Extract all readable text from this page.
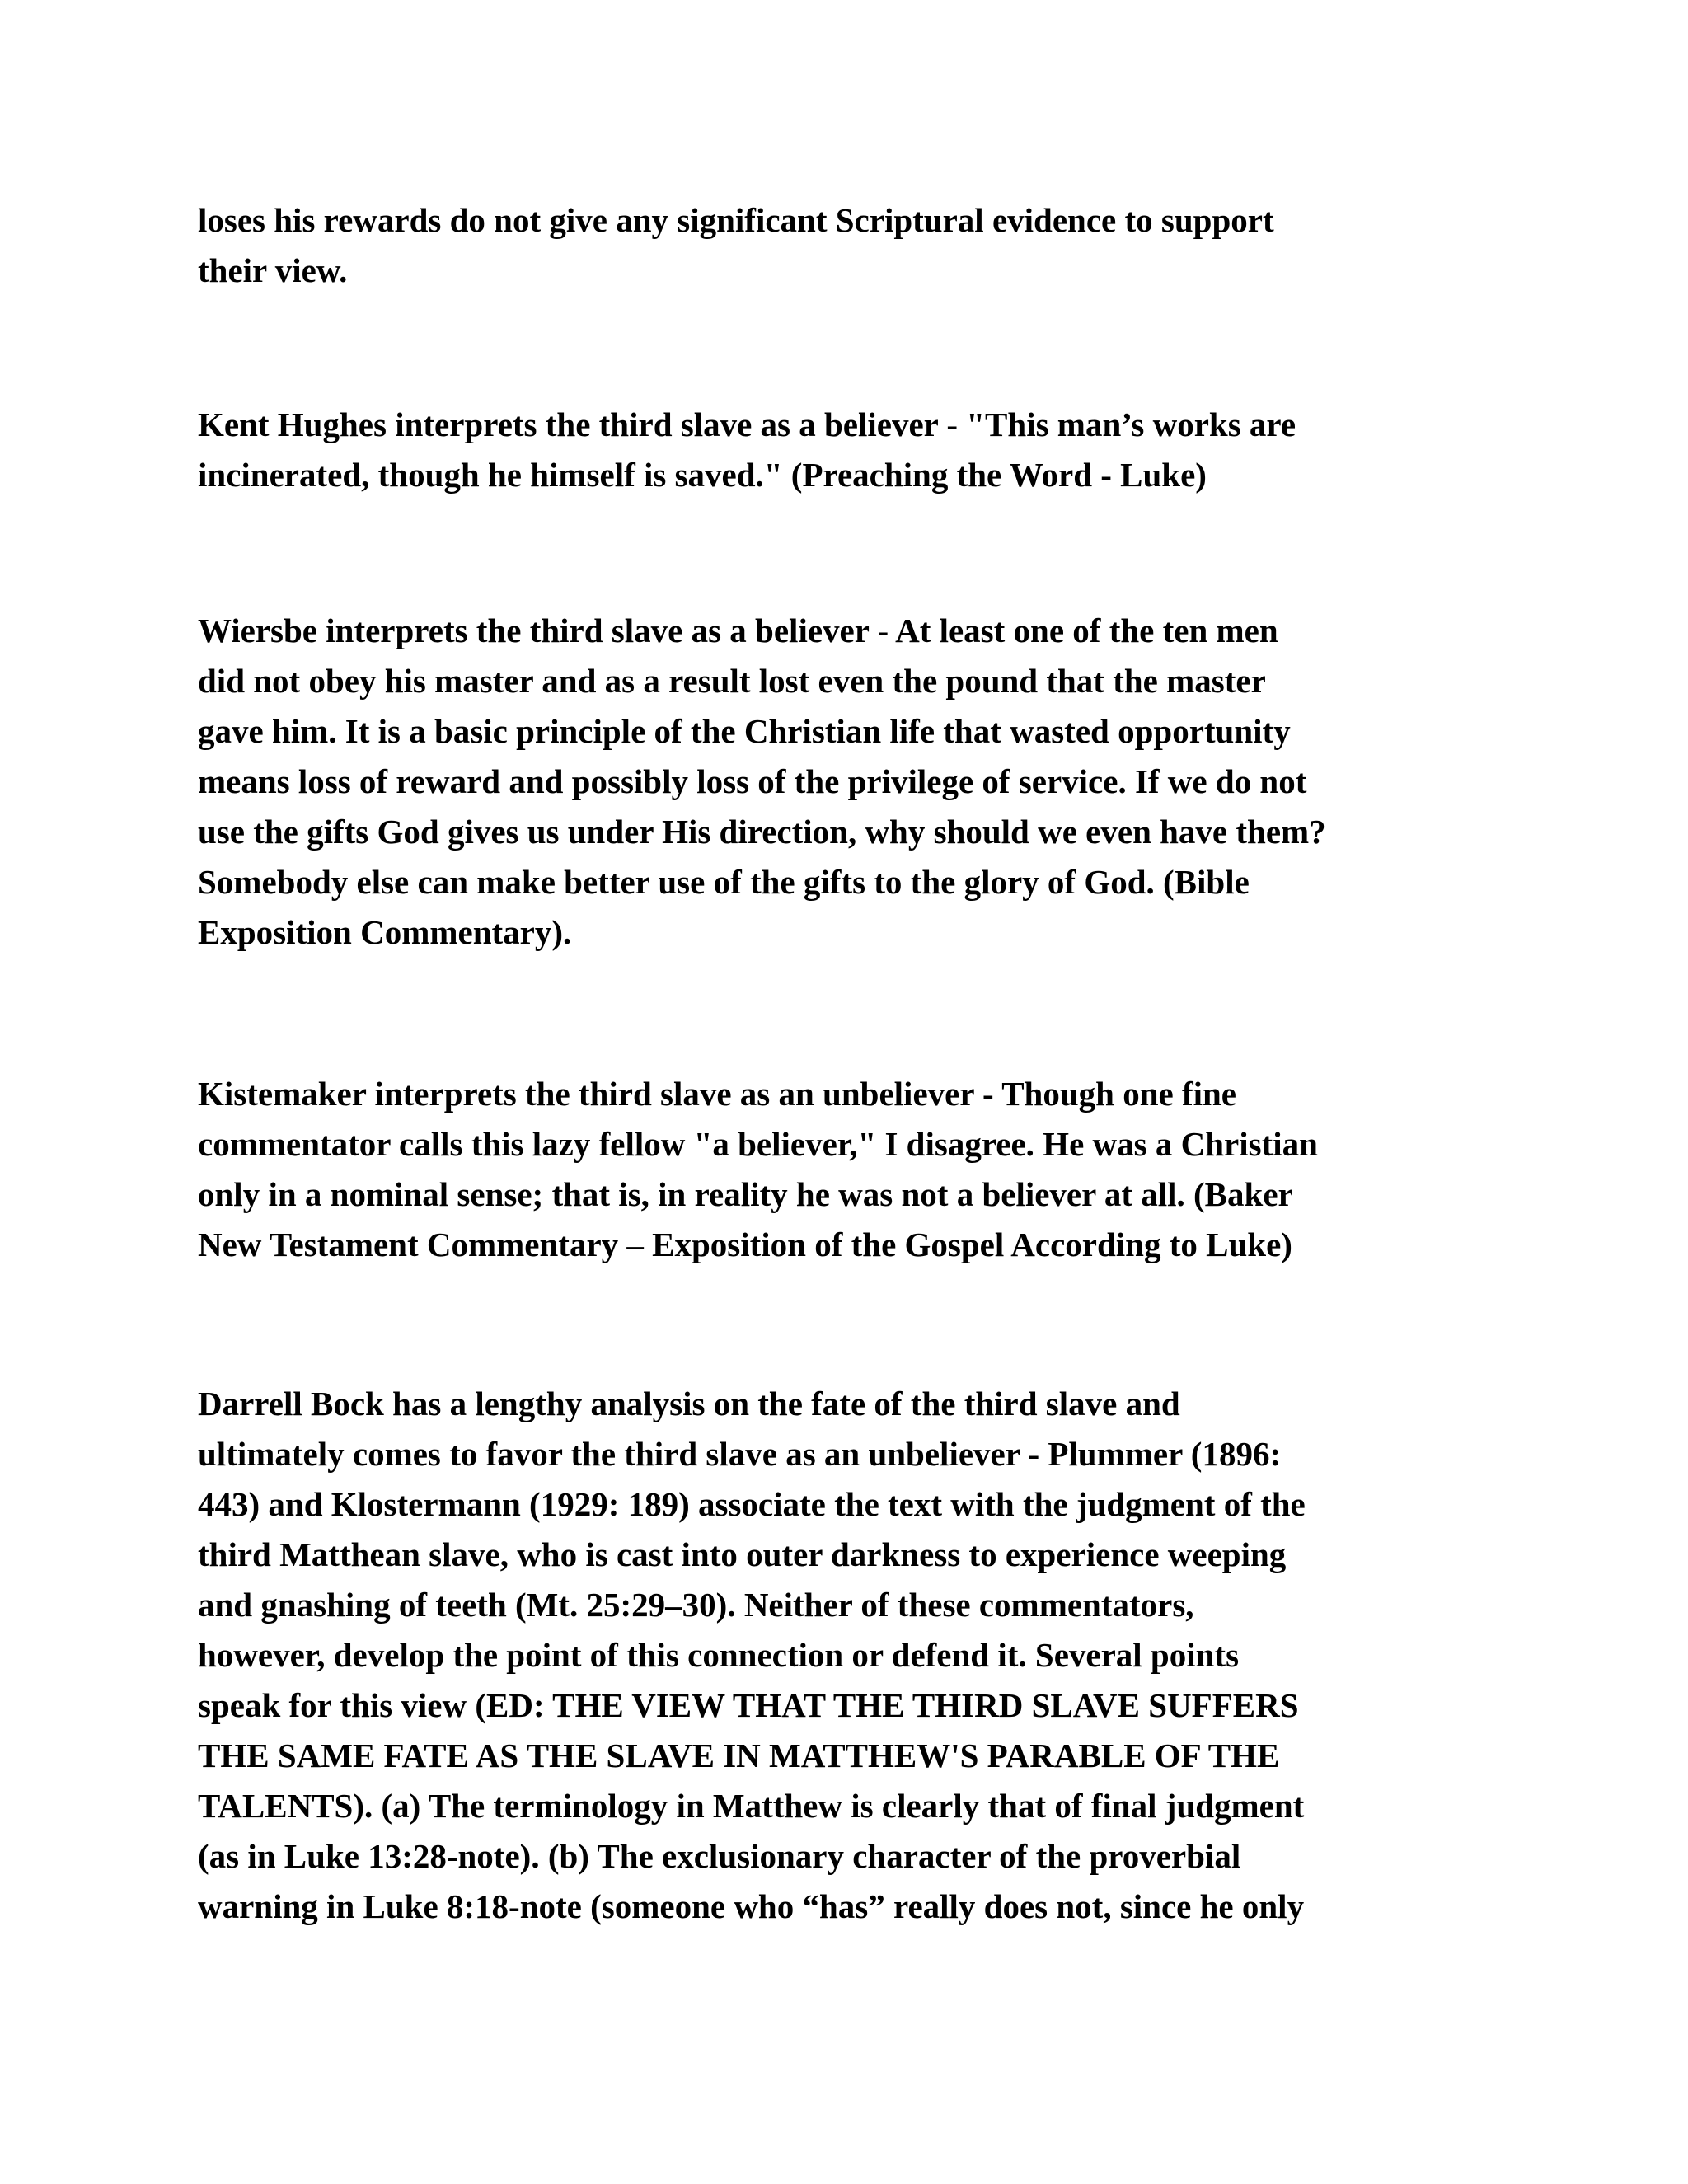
loses his rewards do not give any significant Scriptural evidence to support
their view.
Kent Hughes interprets the third slave as a believer - "This man’s works are
incinerated, though he himself is saved." (Preaching the Word - Luke)
Wiersbe interprets the third slave as a believer - At least one of the ten men
did not obey his master and as a result lost even the pound that the master
gave him. It is a basic principle of the Christian life that wasted opportunity
means loss of reward and possibly loss of the privilege of service. If we do not
use the gifts God gives us under His direction, why should we even have them?
Somebody else can make better use of the gifts to the glory of God. (Bible
Exposition Commentary).
Kistemaker interprets the third slave as an unbeliever - Though one fine
commentator calls this lazy fellow "a believer," I disagree. He was a Christian
only in a nominal sense; that is, in reality he was not a believer at all. (Baker
New Testament Commentary – Exposition of the Gospel According to Luke)
Darrell Bock has a lengthy analysis on the fate of the third slave and
ultimately comes to favor the third slave as an unbeliever - Plummer (1896:
443) and Klostermann (1929: 189) associate the text with the judgment of the
third Matthean slave, who is cast into outer darkness to experience weeping
and gnashing of teeth (Mt. 25:29–30). Neither of these commentators,
however, develop the point of this connection or defend it. Several points
speak for this view (ED: THE VIEW THAT THE THIRD SLAVE SUFFERS
THE SAME FATE AS THE SLAVE IN MATTHEW'S PARABLE OF THE
TALENTS). (a) The terminology in Matthew is clearly that of final judgment
(as in Luke 13:28-note). (b) The exclusionary character of the proverbial
warning in Luke 8:18-note (someone who “has” really does not, since he only
